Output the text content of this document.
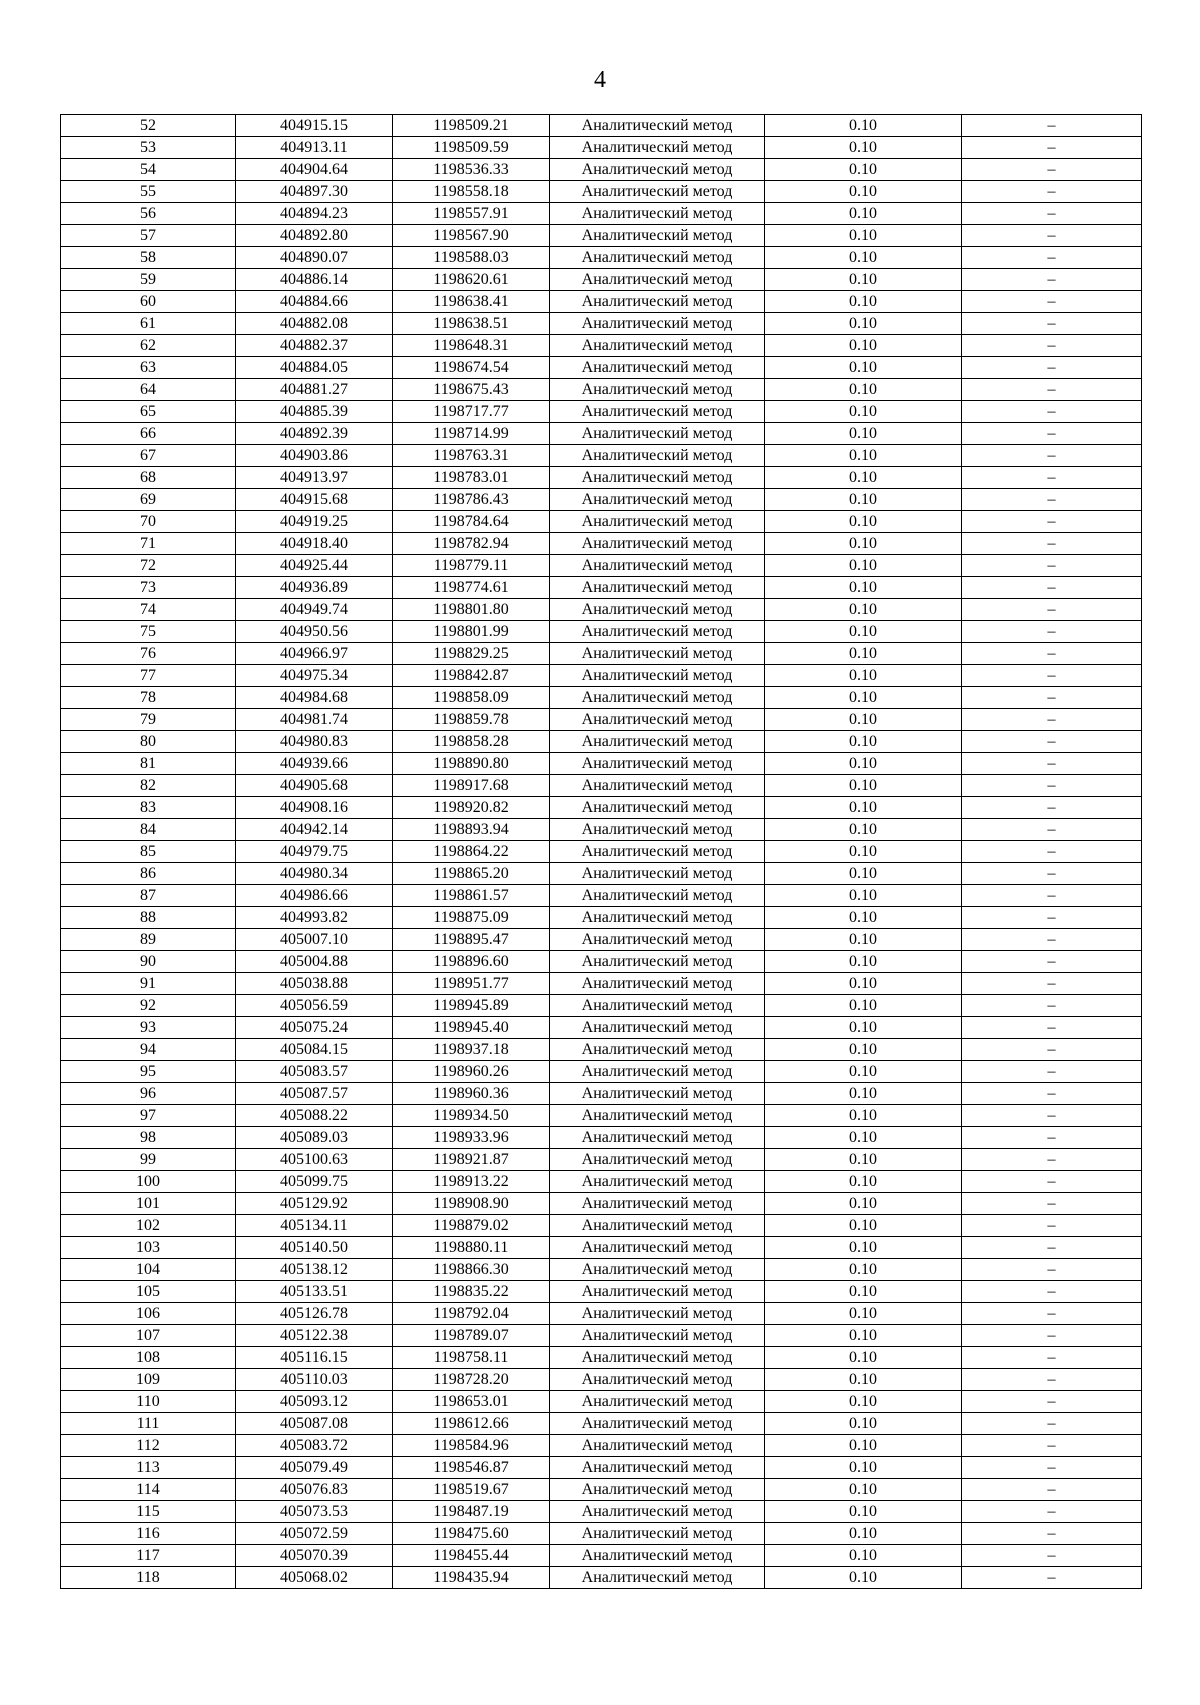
4
52	404915.15	1198509.21	Аналитический метод	0.10	–
53	404913.11	1198509.59	Аналитический метод	0.10	–
54	404904.64	1198536.33	Аналитический метод	0.10	–
55	404897.30	1198558.18	Аналитический метод	0.10	–
56	404894.23	1198557.91	Аналитический метод	0.10	–
57	404892.80	1198567.90	Аналитический метод	0.10	–
58	404890.07	1198588.03	Аналитический метод	0.10	–
59	404886.14	1198620.61	Аналитический метод	0.10	–
60	404884.66	1198638.41	Аналитический метод	0.10	–
61	404882.08	1198638.51	Аналитический метод	0.10	–
62	404882.37	1198648.31	Аналитический метод	0.10	–
63	404884.05	1198674.54	Аналитический метод	0.10	–
64	404881.27	1198675.43	Аналитический метод	0.10	–
65	404885.39	1198717.77	Аналитический метод	0.10	–
66	404892.39	1198714.99	Аналитический метод	0.10	–
67	404903.86	1198763.31	Аналитический метод	0.10	–
68	404913.97	1198783.01	Аналитический метод	0.10	–
69	404915.68	1198786.43	Аналитический метод	0.10	–
70	404919.25	1198784.64	Аналитический метод	0.10	–
71	404918.40	1198782.94	Аналитический метод	0.10	–
72	404925.44	1198779.11	Аналитический метод	0.10	–
73	404936.89	1198774.61	Аналитический метод	0.10	–
74	404949.74	1198801.80	Аналитический метод	0.10	–
75	404950.56	1198801.99	Аналитический метод	0.10	–
76	404966.97	1198829.25	Аналитический метод	0.10	–
77	404975.34	1198842.87	Аналитический метод	0.10	–
78	404984.68	1198858.09	Аналитический метод	0.10	–
79	404981.74	1198859.78	Аналитический метод	0.10	–
80	404980.83	1198858.28	Аналитический метод	0.10	–
81	404939.66	1198890.80	Аналитический метод	0.10	–
82	404905.68	1198917.68	Аналитический метод	0.10	–
83	404908.16	1198920.82	Аналитический метод	0.10	–
84	404942.14	1198893.94	Аналитический метод	0.10	–
85	404979.75	1198864.22	Аналитический метод	0.10	–
86	404980.34	1198865.20	Аналитический метод	0.10	–
87	404986.66	1198861.57	Аналитический метод	0.10	–
88	404993.82	1198875.09	Аналитический метод	0.10	–
89	405007.10	1198895.47	Аналитический метод	0.10	–
90	405004.88	1198896.60	Аналитический метод	0.10	–
91	405038.88	1198951.77	Аналитический метод	0.10	–
92	405056.59	1198945.89	Аналитический метод	0.10	–
93	405075.24	1198945.40	Аналитический метод	0.10	–
94	405084.15	1198937.18	Аналитический метод	0.10	–
95	405083.57	1198960.26	Аналитический метод	0.10	–
96	405087.57	1198960.36	Аналитический метод	0.10	–
97	405088.22	1198934.50	Аналитический метод	0.10	–
98	405089.03	1198933.96	Аналитический метод	0.10	–
99	405100.63	1198921.87	Аналитический метод	0.10	–
100	405099.75	1198913.22	Аналитический метод	0.10	–
101	405129.92	1198908.90	Аналитический метод	0.10	–
102	405134.11	1198879.02	Аналитический метод	0.10	–
103	405140.50	1198880.11	Аналитический метод	0.10	–
104	405138.12	1198866.30	Аналитический метод	0.10	–
105	405133.51	1198835.22	Аналитический метод	0.10	–
106	405126.78	1198792.04	Аналитический метод	0.10	–
107	405122.38	1198789.07	Аналитический метод	0.10	–
108	405116.15	1198758.11	Аналитический метод	0.10	–
109	405110.03	1198728.20	Аналитический метод	0.10	–
110	405093.12	1198653.01	Аналитический метод	0.10	–
111	405087.08	1198612.66	Аналитический метод	0.10	–
112	405083.72	1198584.96	Аналитический метод	0.10	–
113	405079.49	1198546.87	Аналитический метод	0.10	–
114	405076.83	1198519.67	Аналитический метод	0.10	–
115	405073.53	1198487.19	Аналитический метод	0.10	–
116	405072.59	1198475.60	Аналитический метод	0.10	–
117	405070.39	1198455.44	Аналитический метод	0.10	–
118	405068.02	1198435.94	Аналитический метод	0.10	–
